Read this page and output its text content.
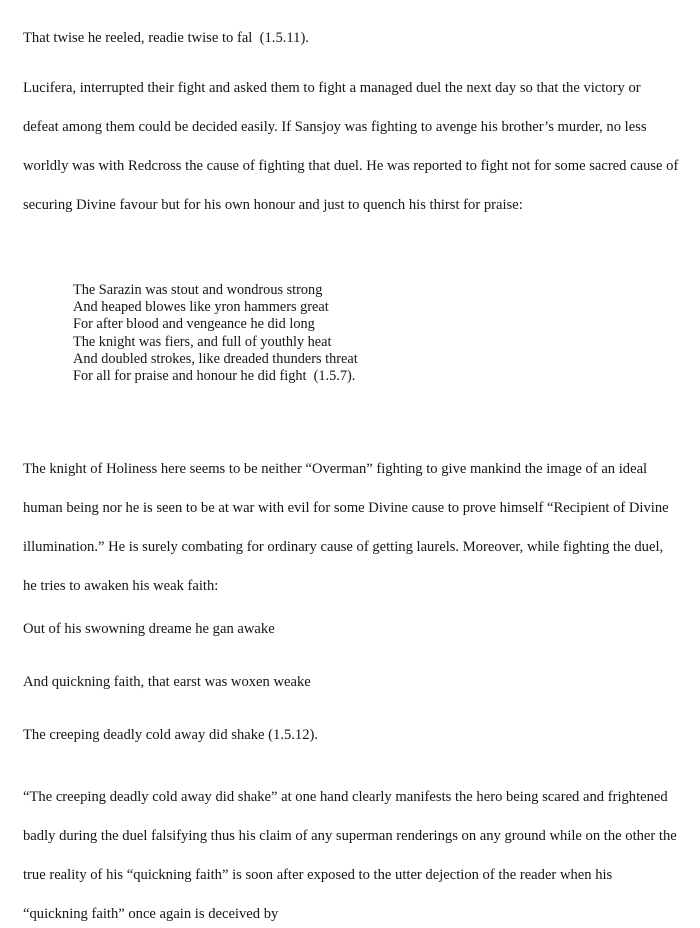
That twise he reeled, readie twise to fal  (1.5.11).
Lucifera, interrupted their fight and asked them to fight a managed duel the next day so that the victory or defeat among them could be decided easily. If Sansjoy was fighting to avenge his brother’s murder, no less worldly was with Redcross the cause of fighting that duel. He was reported to fight not for some sacred cause of securing Divine favour but for his own honour and just to quench his thirst for praise:
The Sarazin was stout and wondrous strong
And heaped blowes like yron hammers great
For after blood and vengeance he did long
The knight was fiers, and full of youthly heat
And doubled strokes, like dreaded thunders threat
For all for praise and honour he did fight  (1.5.7).
The knight of Holiness here seems to be neither “Overman” fighting to give mankind the image of an ideal human being nor he is seen to be at war with evil for some Divine cause to prove himself “Recipient of Divine illumination.” He is surely combating for ordinary cause of getting laurels. Moreover, while fighting the duel, he tries to awaken his weak faith:
Out of his swowning dreame he gan awake
And quickning faith, that earst was woxen weake
The creeping deadly cold away did shake (1.5.12).
“The creeping deadly cold away did shake” at one hand clearly manifests the hero being scared and frightened badly during the duel falsifying thus his claim of any superman renderings on any ground while on the other the true reality of his “quickning faith” is soon after exposed to the utter dejection of the reader when his “quickning faith” once again is deceived by
